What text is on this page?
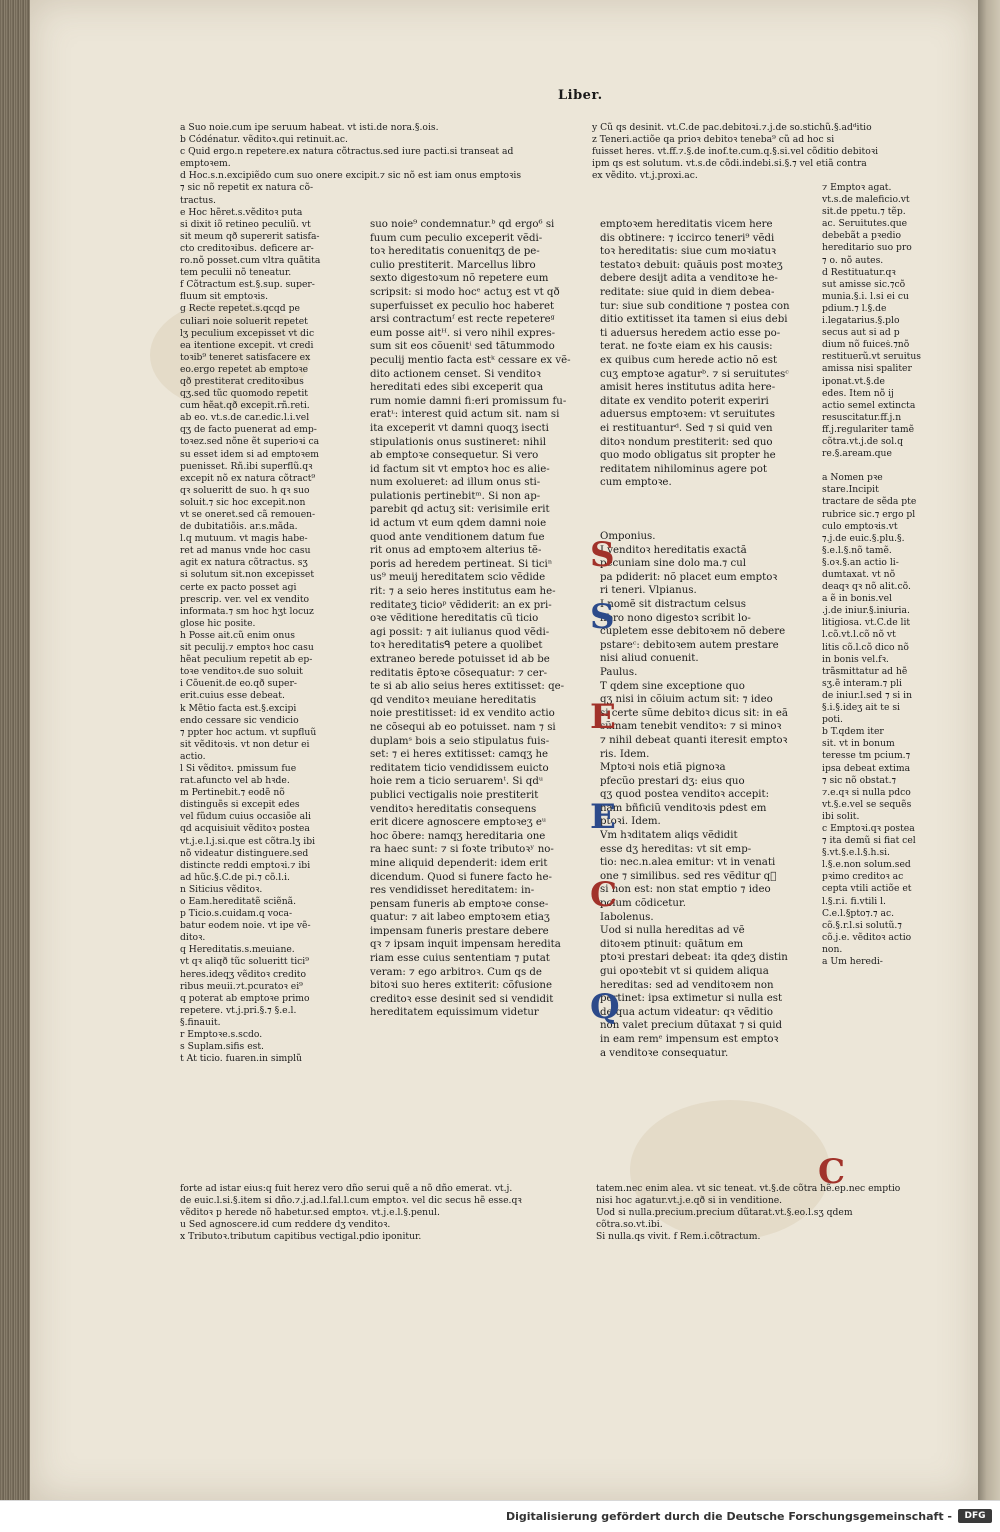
Liber.
a Suo noie.cum ipe seruum habeat. vt isti.de nora.§.ois.
b Códénatur. vẽditoꝛ.qui retinuit.ac.
c Quid ergo.n repetere.ex natura cõtractus.sed iure pacti.si transeat ad
emptoꝛem.
d Hoc.s.n.excipiẽdo cum suo onere excipit.⁊ sic nõ est iam onus emptoꝛis
⁊ sic nõ repetit ex natura cõ-
tractus.
e Hoc hẽret.s.vẽditoꝛ puta
si dixit iõ retineo peculiũ. vt
sit meum qð supererit satisfa-
cto creditoꝛibus. deficere ar-
ro.nõ posset.cum vltra quãtita
tem peculii nõ teneatur.
f Cõtractum est.§.sup. super-
fluum sit emptoꝛis.
g Recte repetet.s.qcqd pe
culiari noie soluerit repetet
lʒ peculium excepisset vt dic
ea itentione excepit. vt credi
toꝛib⁹ teneret satisfacere ex
eo.ergo repetet ab emptoꝛe
qð prestiterat creditoꝛibus
qʒ.sed tũc quomodo repetit
cum hẽat.qð excepit.rñ.reti.
ab eo. vt.s.de car.edic.l.i.vel
qʒ de facto puenerat ad emp-
toꝛez.sed nõne ẽt superioꝛi ca
su esset idem si ad emptoꝛem
puenisset. Rñ.ibi superflũ.qꝛ
excepit nõ ex natura cõtract⁹
qꝛ solueritt de suo. h qꝛ suo
soluit.⁊ sic hoc excepit.non
vt se oneret.sed cã remouen-
de dubitatiõis. ar.s.mãda.
l.q mutuum. vt magis habe-
ret ad manus vnde hoc casu
agit ex natura cõtractus. sʒ
si solutum sit.non excepisset
certe ex pacto posset agi
prescrip. ver. vel ex vendito
informata.⁊ sm hoc hʒt locuz
glose hic posite.
h Posse ait.cũ enim onus
sit peculij.⁊ emptoꝛ hoc casu
hẽat peculium repetit ab ep-
toꝛe venditoꝛ.de suo soluit
i Cõuenit.de eo.qð super-
erit.cuius esse debeat.
k Mẽtio facta est.§.excipi
endo cessare sic vendicio
⁊ ppter hoc actum. vt supfluũ
sit vẽditoꝛis. vt non detur ei
actio.
l Si vẽditoꝛ. pmissum fue
rat.afuncto vel ab hꝛde.
m Pertinebit.⁊ eodẽ nõ
distinguẽs si excepit edes
vel fũdum cuius occasiõe ali
qd acquisiuit vẽditoꝛ postea
vt.j.e.l.j.si.que est cõtra.lʒ ibi
nõ videatur distinguere.sed
distincte reddi emptoꝛi.⁊ ibi
ad hũc.§.C.de pi.⁊ cõ.l.i.
n Siticius vẽditoꝛ.
o Eam.hereditatẽ sciẽnã.
p Ticio.s.cuidam.q voca-
batur eodem noie. vt ipe vẽ-
ditoꝛ.
q Hereditatis.s.meuiane.
vt qꝛ aliqð tũc solueritt tici⁹
heres.ideqʒ vẽditoꝛ credito
ribus meuii.⁊t.pcuratoꝛ ei⁹
q poterat ab emptoꝛe primo
repetere. vt.j.pri.§.⁊ §.e.l.
§.finauit.
r Emptoꝛe.s.scdo.
s Suplam.sifis est.
t At ticio. fuaren.in simplũ
suo noie⁹ condemnatur.ᵇ qd ergo⁶ si
fuum cum peculio exceperit vẽdi-
toꝛ hereditatis conuenitqʒ de pe-
culio prestiterit. Marcellus libro
sexto digestoꝛum nõ repetere eum
scripsit: si modo hocᵉ actuʒ est vt qð
superfuisset ex peculio hoc haberet
arsi contractumᶠ est recte repetereᵍ
eum posse aitᵸ. si vero nihil expres-
sum sit eos cõuenitⁱ sed tãtummodo
peculij mentio facta estᵏ cessare ex vẽ-
dito actionem censet. Si venditoꝛ
hereditati edes sibi exceperit qua
rum nomie damni fi:eri promissum fu-
eratᶫ: interest quid actum sit. nam si
ita exceperit vt damni quoqʒ isecti
stipulationis onus sustineret: nihil
ab emptoꝛe consequetur. Si vero
id factum sit vt emptoꝛ hoc es alie-
num exolueret: ad illum onus sti-
pulationis pertinebitᵐ. Si non ap-
parebit qd actuʒ sit: verisimile erit
id actum vt eum qdem damni noie
quod ante venditionem datum fue
rit onus ad emptoꝛem alterius tẽ-
poris ad heredem pertineat. Si ticiⁿ
us⁹ meuij hereditatem scio vẽdide
rit: ⁊ a seio heres institutus eam he-
reditateʒ ticioᵖ vẽdiderit: an ex pri-
oꝛe vẽditione hereditatis cũ ticio
agi possit: ⁊ ait iulianus quod vẽdi-
toꝛ hereditatisᑫ petere a quolibet
extraneo berede potuisset id ab be
reditatis ẽptoꝛe cõsequatur: ⁊ cer-
te si ab alio seius heres extitisset: qe-
qd venditoꝛ meuiane hereditatis
noie prestitisset: id ex vendito actio
ne cõsequi ab eo potuisset. nam ⁊ si
duplamˢ bois a seio stipulatus fuis-
set: ⁊ ei heres extitisset: camqʒ he
reditatem ticio vendidissem euicto
hoie rem a ticio seruaremᵗ. Si qdᵘ
publici vectigalis noie prestiterit
venditoꝛ hereditatis consequens
erit dicere agnoscere emptoꝛeʒ eᵘ
hoc õbere: namqʒ hereditaria one
ra haec sunt: ⁊ si foꝛte tributoꝛʸ no-
mine aliquid dependerit: idem erit
dicendum. Quod si funere facto he-
res vendidisset hereditatem: in-
pensam funeris ab emptoꝛe conse-
quatur: ⁊ ait labeo emptoꝛem etiaʒ
impensam funeris prestare debere
qꝛ ⁊ ipsam inquit impensam heredita
riam esse cuius sententiam ⁊ putat
veram: ⁊ ego arbitroꝛ. Cum qs de
bitoꝛi suo heres extiterit: cõfusione
creditoꝛ esse desinit sed si vendidit
hereditatem equissimum videtur
y Cũ qs desinit. vt.C.de pac.debitoꝛi.⁊.j.de so.stichũ.§.adᵈitio
z Teneri.actiõe qa prioꝛ debitoꝛ teneba⁹ cũ ad hoc si
fuisset heres. vt.ff.⁊.§.de inof.te.cum.q.§.si.vel cõditio debitoꝛi
ipm qs est solutum. vt.s.de cõdi.indebi.si.§.⁊ vel etiã contra
ex vẽdito. vt.j.proxi.ac.
emptoꝛem hereditatis vicem here
dis obtinere: ⁊ iccirco teneri⁹ vẽdi
toꝛ hereditatis: siue cum moꝛiatuꝛ
testatoꝛ debuit: quãuis post moꝛteʒ
debere desijt adita a venditoꝛe he-
reditate: siue quid in diem debea-
tur: siue sub conditione ⁊ postea con
ditio extitisset ita tamen si eius debi
ti aduersus heredem actio esse po-
terat. ne foꝛte eiam ex his causis:
ex quibus cum herede actio nõ est
cuʒ emptoꝛe agaturᵇ. ⁊ si seruitutesᶜ
amisit heres institutus adita here-
ditate ex vendito poterit experiri
aduersus emptoꝛem: vt seruitutes
ei restituanturᵈ. Sed ⁊ si quid ven
ditoꝛ nondum prestiterit: sed quo
quo modo obligatus sit propter he
reditatem nihilominus agere pot
cum emptoꝛe.
Omponius.
I venditoꝛ hereditatis exactã
pecuniam sine dolo ma.⁊ cul
pa pdiderit: nõ placet eum emptoꝛ
ri teneri. Vlpianus.
I nomẽ sit distractum celsus
libro nono digestoꝛ scribit lo-
cupletem esse debitoꝛem nõ debere
pstareᶜ: debitoꝛem autem prestare
nisi aliud conuenit.
Paulus.
T qdem sine exceptione quo
qʒ nisi in cõiuim actum sit: ⁊ ideo
si certe sũme debitoꝛ dicus sit: in eã
sũmam tenebit venditoꝛ: ⁊ si minoꝛ
⁊ nihil debeat quanti iteresit emptoꝛ
ris. Idem.
Mptoꝛi nois etiã pignoꝛa
pfecũo prestari dʒ: eius quo
qʒ quod postea venditoꝛ accepit:
nam bñficiũ venditoꝛis pdest em
ptoꝛi. Idem.
Vm hꝛditatem aliqs vẽdidit
esse dʒ hereditas: vt sit emp-
tio: nec.n.alea emitur: vt in venati
one ⁊ similibus. sed res vẽditur qᷓ
si non est: non stat emptio ⁊ ideo
pcium cõdicetur.
Iabolenus.
Uod si nulla hereditas ad vẽ
ditoꝛem ptinuit: quãtum em
ptoꝛi prestari debeat: ita qdeʒ distin
gui opoꝛtebit vt si quidem aliqua
hereditas: sed ad venditoꝛem non
pertinet: ipsa extimetur si nulla est
de qua actum videatur: qꝛ vẽditio
non valet precium dũtaxat ⁊ si quid
in eam remᵉ impensum est emptoꝛ
a venditoꝛe consequatur.
⁊ Emptoꝛ agat.
vt.s.de maleficio.vt
sit.de ppetu.⁊ tẽp.
ac. Seruitutes.que
debebãt a pꝛedio
hereditario suo pro
⁊ o. nõ autes.
d Restituatur.qꝛ
sut amisse sic.⁊cõ
munia.§.i. l.si ei cu
pdium.⁊ l.§.de
i.legatarius.§.plo
secus aut si ad p
dium nõ fuiceṡ.⁊nõ
restituerũ.vt seruitus
amissa nisi spaliter
iponat.vt.§.de
edes. Item nõ ij
actio semel extincta
resuscitatur.ff.j.n
ff.j.regulariter tamẽ
cõtra.vt.j.de sol.q
re.§.aream.que
a Nomen pꝛe
stare.Incipit
tractare de sẽda pte
rubrice sic.⁊ ergo pl
culo emptoꝛis.vt
⁊.j.de euic.§.plu.§.
§.e.l.§.nõ tamẽ.
§.oꝛ.§.an actio li-
dumtaxat. vt nõ
deaqꝛ qꝛ nõ alit.cõ.
a ẽ in bonis.vel
.j.de iniur.§.iniuria.
litigiosa. vt.C.de lit
l.cõ.vt.l.cõ nõ vt
litis cõ.l.cõ dico nõ
in bonis vel.fꝛ.
trãsmittatur ad hẽ
sʒ.ẽ interam.⁊ pli
de iniur.l.sed ⁊ si in
§.i.§.ideʒ ait te si
poti.
b T.qdem iter
sit. vt in bonum
teresse tm pcium.⁊
ipsa debeat extima
⁊ sic nõ obstat.⁊
⁊.e.qꝛ si nulla pdco
vt.§.e.vel se sequẽs
ibi solit.
c Emptoꝛi.qꝛ postea
⁊ ita demũ si fiat cel
§.vt.§.e.l.§.h.si.
l.§.e.non solum.sed
pꝛimo creditoꝛ ac
cepta vtili actiõe et
l.§.r.i. fi.vtili l.
C.e.l.§pto⁊.⁊ ac.
cõ.§.r.l.si solutũ.⁊
cõ.j.e. vẽditoꝛ actio
non.
a Um heredi-
forte ad istar eius:q fuit herez vero dño serui quẽ a nõ dño emerat. vt.j.
de euic.l.si.§.item si dño.⁊.j.ad.l.fal.l.cum emptoꝛ. vel dic secus hẽ esse.qꝛ
vẽditoꝛ p herede nõ habetur.sed emptoꝛ. vt.j.e.l.§.penul.
u Sed agnoscere.id cum reddere dʒ venditoꝛ.
x Tributoꝛ.tributum capitibus vectigal.pdio iponitur.
tatem.nec enim alea. vt sic teneat. vt.§.de cõtra hẽ.ep.nec emptio
nisi hoc agatur.vt.j.e.qð si in venditione.
Uod si nulla.precium.precium dũtarat.vt.§.eo.l.sʒ qdem
cõtra.so.vt.ibi.
Si nulla.qs vivit. f Rem.i.cõtractum.
S
S
E
E
C
Q
C
Digitalisierung gefördert durch die Deutsche Forschungsgemeinschaft -	DFG
